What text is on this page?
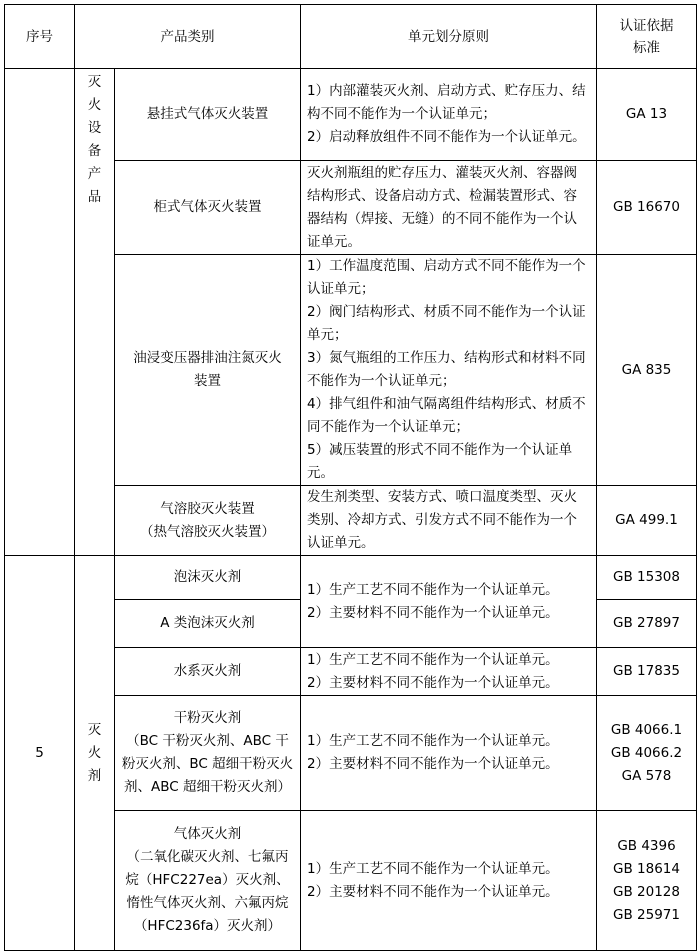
序号	产品类别		单元划分原则	认证依据标准
	灭火设备产品	悬挂式气体灭火装置	1）内部灌装灭火剂、启动方式、贮存压力、结构不同不能作为一个认证单元；
2）启动释放组件不同不能作为一个认证单元。	GA 13

		柜式气体灭火装置	灭火剂瓶组的贮存压力、灌装灭火剂、容器阀结构形式、设备启动方式、检漏装置形式、容器结构（焊接、无缝）的不同不能作为一个认证单元。	GB 16670

		油浸变压器排油注氮灭火装置	1）工作温度范围、启动方式不同不能作为一个认证单元；
2）阀门结构形式、材质不同不能作为一个认证单元；
3）氮气瓶组的工作压力、结构形式和材料不同不能作为一个认证单元；
4）排气组件和油气隔离组件结构形式、材质不同不能作为一个认证单元；
5）减压装置的形式不同不能作为一个认证单元。	GA 835

		气溶胶灭火装置
（热气溶胶灭火装置）	发生剂类型、安装方式、喷口温度类型、灭火类别、冷却方式、引发方式不同不能作为一个认证单元。	GA 499.1

5	灭火剂	泡沫灭火剂	1）生产工艺不同不能作为一个认证单元。
2）主要材料不同不能作为一个认证单元。	GB 15308

		A 类泡沫灭火剂		GB 27897

		水系灭火剂	1）生产工艺不同不能作为一个认证单元。
2）主要材料不同不能作为一个认证单元。	GB 17835

		干粉灭火剂
（BC 干粉灭火剂、ABC 干粉灭火剂、BC 超细干粉灭火剂、ABC 超细干粉灭火剂）	1）生产工艺不同不能作为一个认证单元。
2）主要材料不同不能作为一个认证单元。	GB 4066.1
GB 4066.2
GA 578

		气体灭火剂
（二氧化碳灭火剂、七氟丙烷（HFC227ea）灭火剂、惰性气体灭火剂、六氟丙烷（HFC236fa）灭火剂）	1）生产工艺不同不能作为一个认证单元。
2）主要材料不同不能作为一个认证单元。	GB 4396
GB 18614
GB 20128
GB 25971
